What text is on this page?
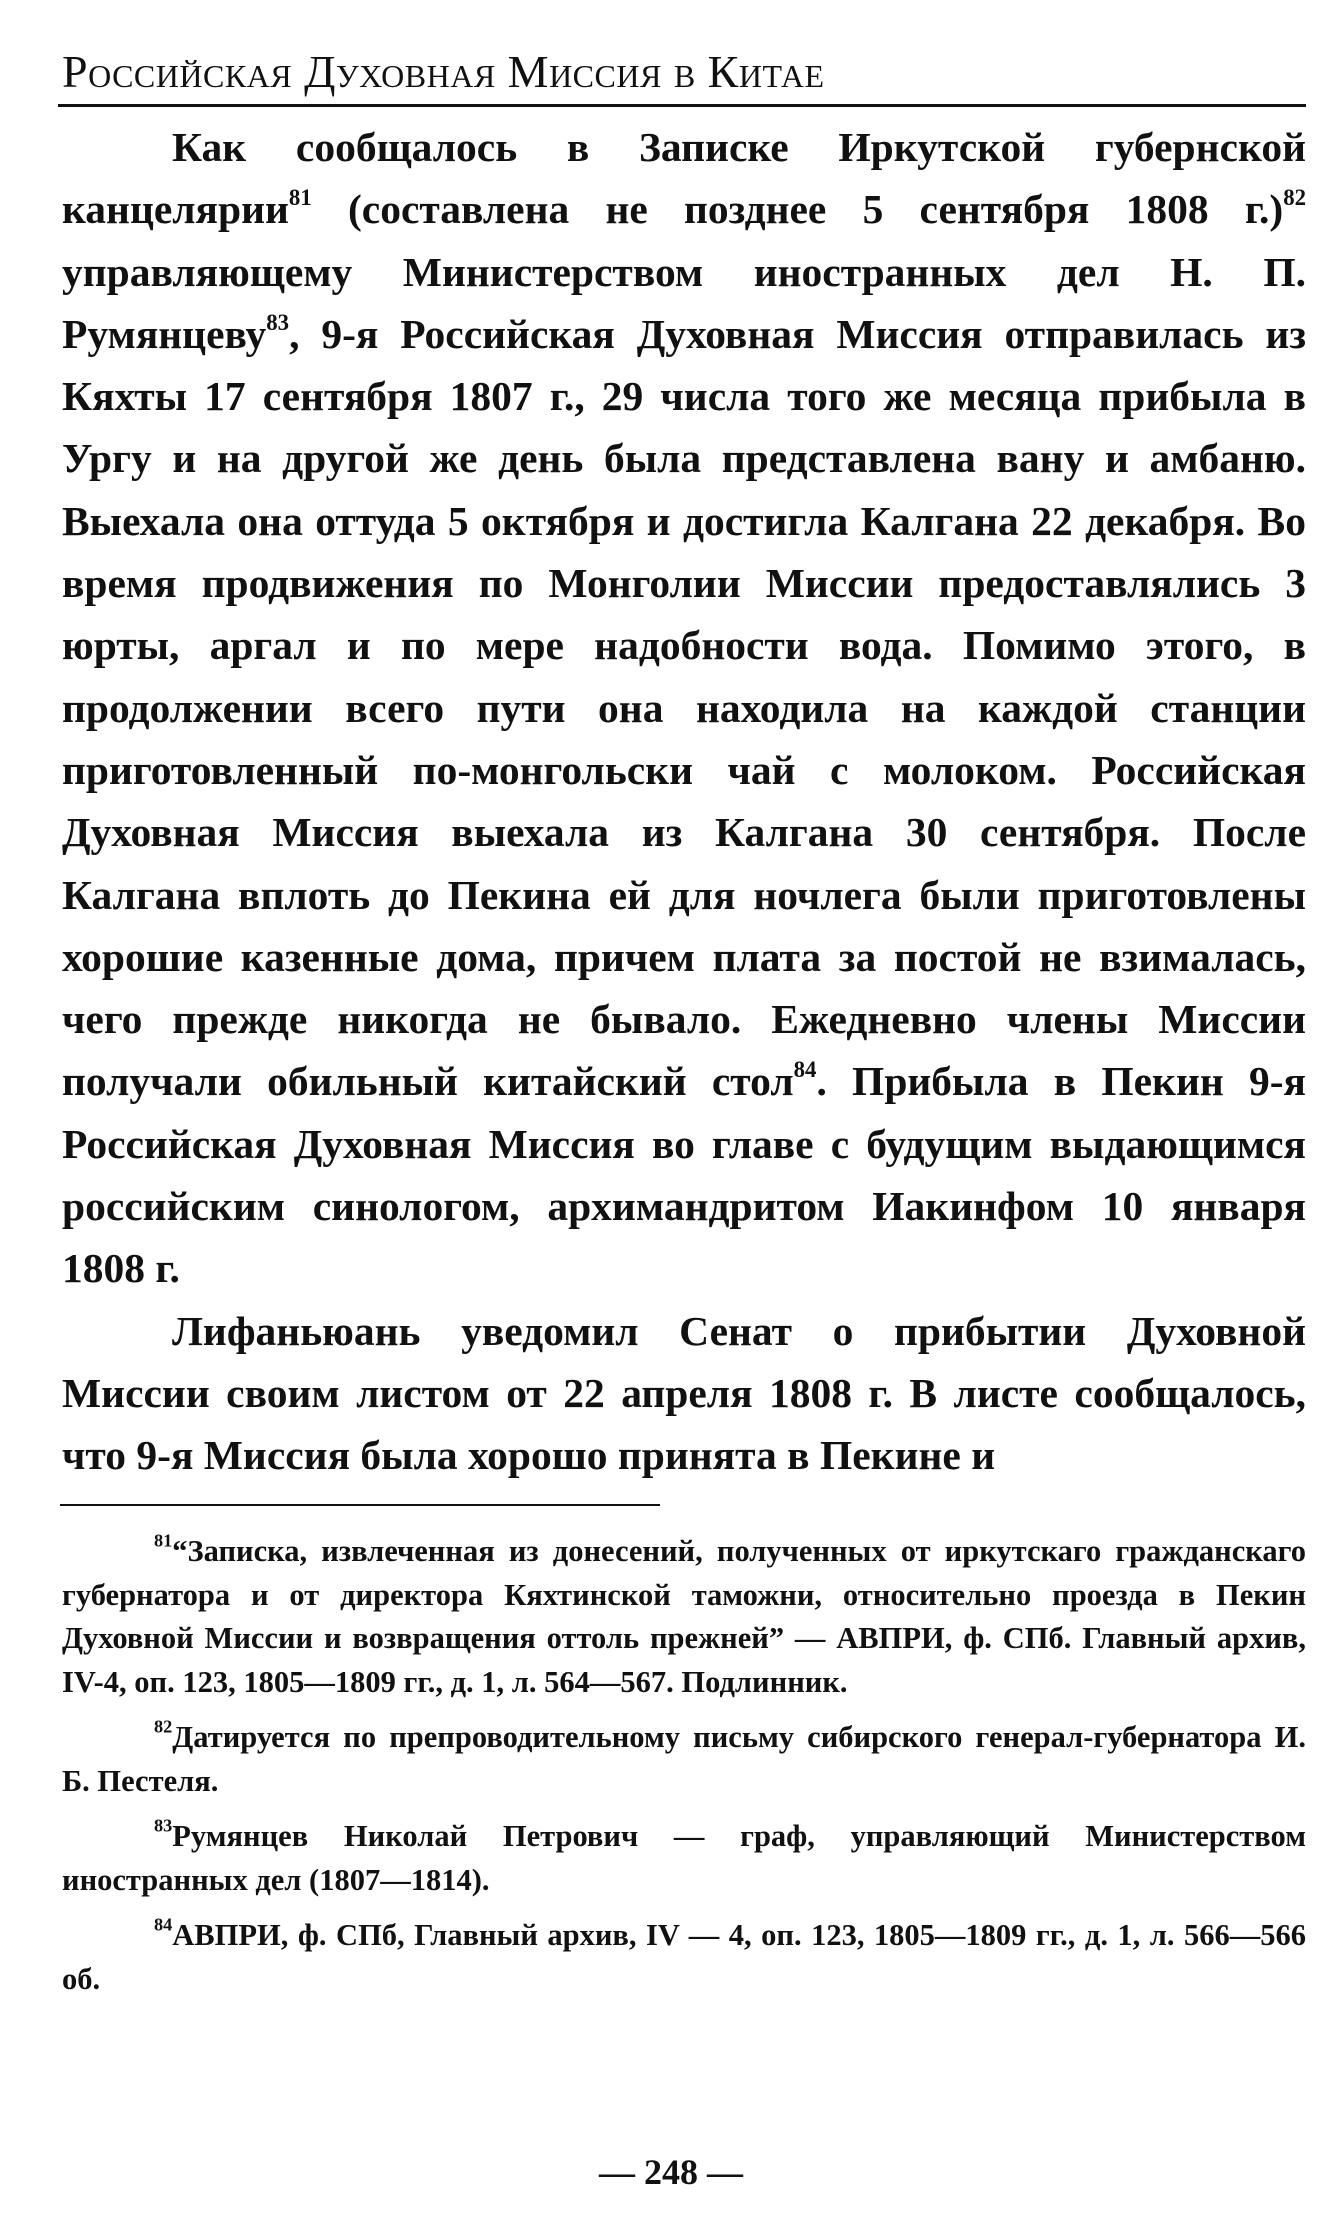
Российская Духовная Миссия в Китае

Как сообщалось в Записке Иркутской губернской канцелярии$^{81}$ (составлена не позднее 5 сентября 1808 г.)$^{82}$ управляющему Министерством иностранных дел Н. П. Румянцеву$^{83}$, 9-я Российская Духовная Миссия отправилась из Кяхты 17 сентября 1807 г., 29 числа того же месяца прибыла в Ургу и на другой же день была представлена вану и амбаню. Выехала она оттуда 5 октября и достигла Калгана 22 декабря. Во время продвижения по Монголии Миссии предоставлялись 3 юрты, аргал и по мере надобности вода. Помимо этого, в продолжении всего пути она находила на каждой станции приготовленный по-монгольски чай с молоком. Российская Духовная Миссия выехала из Калгана 30 сентября. После Калгана вплоть до Пекина ей для ночлега были приготовлены хорошие казенные дома, причем плата за постой не взималась, чего прежде никогда не бывало. Ежедневно члены Миссии получали обильный китайский стол$^{84}$. Прибыла в Пекин 9-я Российская Духовная Миссия во главе с будущим выдающимся российским синологом, архимандритом Иакинфом 10 января 1808 г.

Лифаньюань уведомил Сенат о прибытии Духовной Миссии своим листом от 22 апреля 1808 г. В листе сообщалось, что 9-я Миссия была хорошо принята в Пекине и

$^{81}$“Записка, извлеченная из донесений, полученных от иркутскаго гражданскаго губернатора и от директора Кяхтинской таможни, относительно проезда в Пекин Духовной Миссии и возвращения оттоль прежней” — АВПРИ, ф. СПб. Главный архив, IV-4, оп. 123, 1805—1809 гг., д. 1, л. 564—567. Подлинник.

$^{82}$Датируется по препроводительному письму сибирского генерал-губернатора И. Б. Пестеля.

$^{83}$Румянцев Николай Петрович — граф, управляющий Министерством иностранных дел (1807—1814).

$^{84}$АВПРИ, ф. СПб, Главный архив, IV — 4, оп. 123, 1805—1809 гг., д. 1, л. 566—566 об.

— 248 —
